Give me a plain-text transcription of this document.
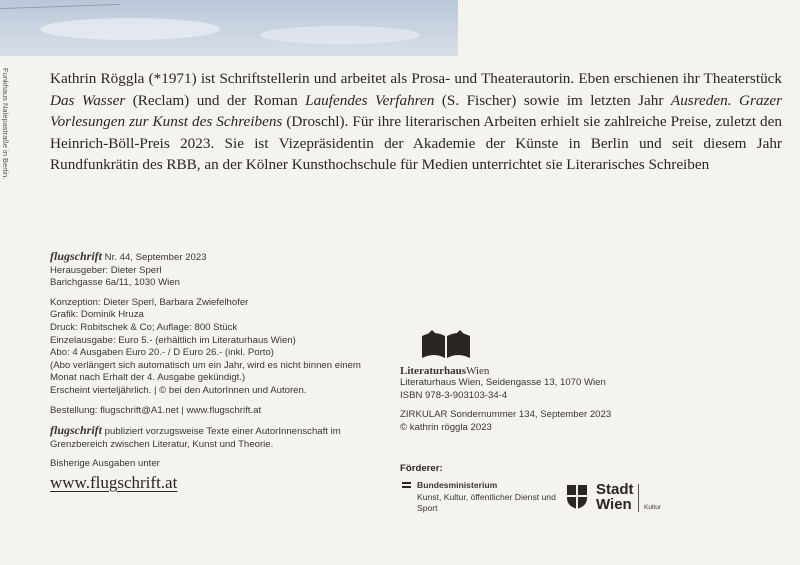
Funkhaus Nalepastraße in Berlin.	Kathrin Röggla (*1971) ist Schriftstellerin und arbeitet als Prosa- und Theaterautorin. Eben erschienen ihr Theaterstück Das Wasser (Reclam) und der Roman Laufendes Verfahren (S. Fischer) sowie im letzten Jahr Ausreden. Grazer Vorlesungen zur Kunst des Schreibens (Droschl). Für ihre literarischen Arbeiten erhielt sie zahlreiche Preise, zuletzt den Heinrich-Böll-Preis 2023. Sie ist Vizepräsidentin der Akademie der Künste in Berlin und seit diesem Jahr Rundfunkrätin des RBB, an der Kölner Kunsthochschule für Medien unterrichtet sie Literarisches Schreiben

flugschrift Nr. 44, September 2023

Herausgeber: Dieter Sperl

Barichgasse 6a/11, 1030 Wien

Konzeption: Dieter Sperl, Barbara Zwiefelhofer

Grafik: Dominik Hruza

Druck: Robitschek & Co; Auflage: 800 Stück

Einzelausgabe: Euro 5.- (erhältlich im Literaturhaus Wien)

Abo: 4 Ausgaben Euro 20.- / D Euro 26.- (inkl. Porto)

(Abo verlängert sich automatisch um ein Jahr, wird es nicht binnen einem Monat nach Erhalt der 4. Ausgabe gekündigt.)

Erscheint vierteljährlich. | © bei den AutorInnen und Autoren.

Bestellung: flugschrift@A1.net | www.flugschrift.at

flugschrift publiziert vorzugsweise Texte einer AutorInnenschaft im Grenzbereich zwischen Literatur, Kunst und Theorie.

Bisherige Ausgaben unter

www.flugschrift.at

LiteraturhausWien

Literaturhaus Wien, Seidengasse 13, 1070 Wien

ISBN 978-3-903103-34-4

ZIRKULAR Sondernummer 134, September 2023

© kathrin röggla 2023

Förderer:
Bundesministerium
Kunst, Kultur, öffentlicher Dienst und Sport
Stadt
Wien Kultur
